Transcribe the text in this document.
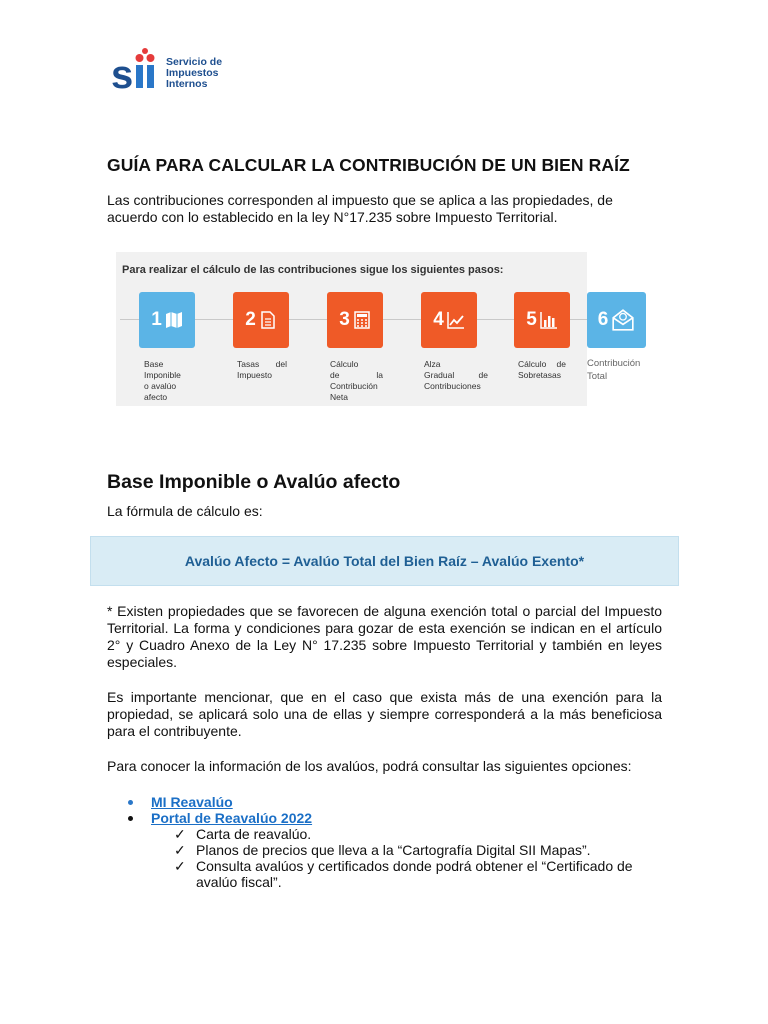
s	Servicio de
Impuestos
Internos
GUÍA PARA CALCULAR LA CONTRIBUCIÓN DE UN BIEN RAÍZ
Las contribuciones corresponden al impuesto que se aplica a las propiedades, de acuerdo con lo establecido en la ley N°17.235 sobre Impuesto Territorial.
Para realizar el cálculo de las contribuciones sigue los siguientes pasos:
1	2	3	4	5
Base
Imponible
o avalúo
afecto
Tasas del
Impuesto
Cálculo
de	la
Contribución
Neta
Alza
Gradual	de
Contribuciones
Cálculo de
Sobretasas
6
Contribución
Total
Base Imponible o Avalúo afecto
La fórmula de cálculo es:
Avalúo Afecto = Avalúo Total del Bien Raíz – Avalúo Exento*
* Existen propiedades que se favorecen de alguna exención total o parcial del Impuesto Territorial. La forma y condiciones para gozar de esta exención se indican en el artículo 2° y Cuadro Anexo de la Ley N° 17.235 sobre Impuesto Territorial y también en leyes especiales.
Es importante mencionar, que en el caso que exista más de una exención para la propiedad, se aplicará solo una de ellas y siempre corresponderá a la más beneficiosa para el contribuyente.
Para conocer la información de los avalúos, podrá consultar las siguientes opciones:
MI Reavalúo
Portal de Reavalúo 2022
✓ Carta de reavalúo.
✓ Planos de precios que lleva a la “Cartografía Digital SII Mapas”.
✓ Consulta avalúos y certificados donde podrá obtener el “Certificado de avalúo fiscal”.
